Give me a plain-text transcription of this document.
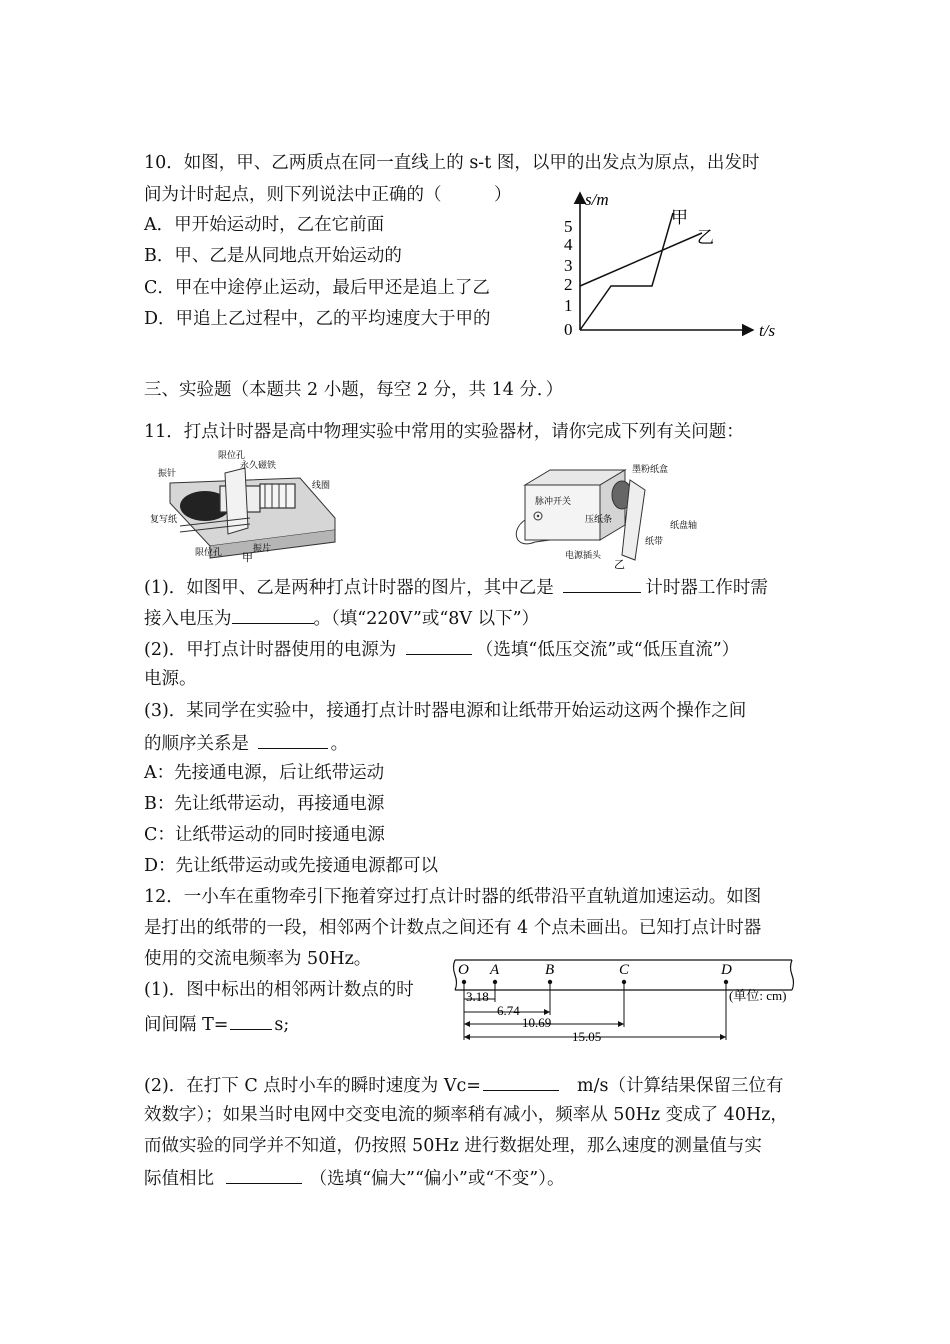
10．如图，甲、乙两质点在同一直线上的 s-t 图，以甲的出发点为原点，出发时
间为计时起点，则下列说法中正确的（　　　）
A．甲开始运动时，乙在它前面
B．甲、乙是从同地点开始运动的
C．甲在中途停止运动，最后甲还是追上了乙
D．甲追上乙过程中，乙的平均速度大于甲的
s/m
t/s
5
4
3
2
1
0
甲
乙
三、实验题（本题共 2 小题，每空 2 分，共 14 分．）
11．打点计时器是高中物理实验中常用的实验器材，请你完成下列有关问题：
限位孔
永久磁铁
振针
线圈
复写纸
限位孔	振片
甲
墨粉纸盒
脉冲开关
压纸条
纸盘轴
纸带
电源插头
乙
(1)．如图甲、乙是两种打点计时器的图片，其中乙是	计时器工作时需
接入电压为	。（填“220V”或“8V 以下”）
(2)．甲打点计时器使用的电源为	（选填“低压交流”或“低压直流”）
电源。
(3)．某同学在实验中，接通打点计时器电源和让纸带开始运动这两个操作之间
的顺序关系是	。
A：先接通电源，后让纸带运动
B：先让纸带运动，再接通电源
C：让纸带运动的同时接通电源
D：先让纸带运动或先接通电源都可以
12．一小车在重物牵引下拖着穿过打点计时器的纸带沿平直轨道加速运动。如图
是打出的纸带的一段，相邻两个计数点之间还有 4 个点未画出。已知打点计时器
使用的交流电频率为 50Hz。
(1)．图中标出的相邻两计数点的时
间间隔 T=	s;
O A	B	C	D
3.18
6.74
10.69
15.05
(单位: cm)
(2)．在打下 C 点时小车的瞬时速度为 Vc=	m/s（计算结果保留三位有
效数字）；如果当时电网中交变电流的频率稍有减小，频率从 50Hz 变成了 40Hz，
而做实验的同学并不知道，仍按照 50Hz 进行数据处理，那么速度的测量值与实
际值相比	（选填“偏大”“偏小”或“不变”）。
